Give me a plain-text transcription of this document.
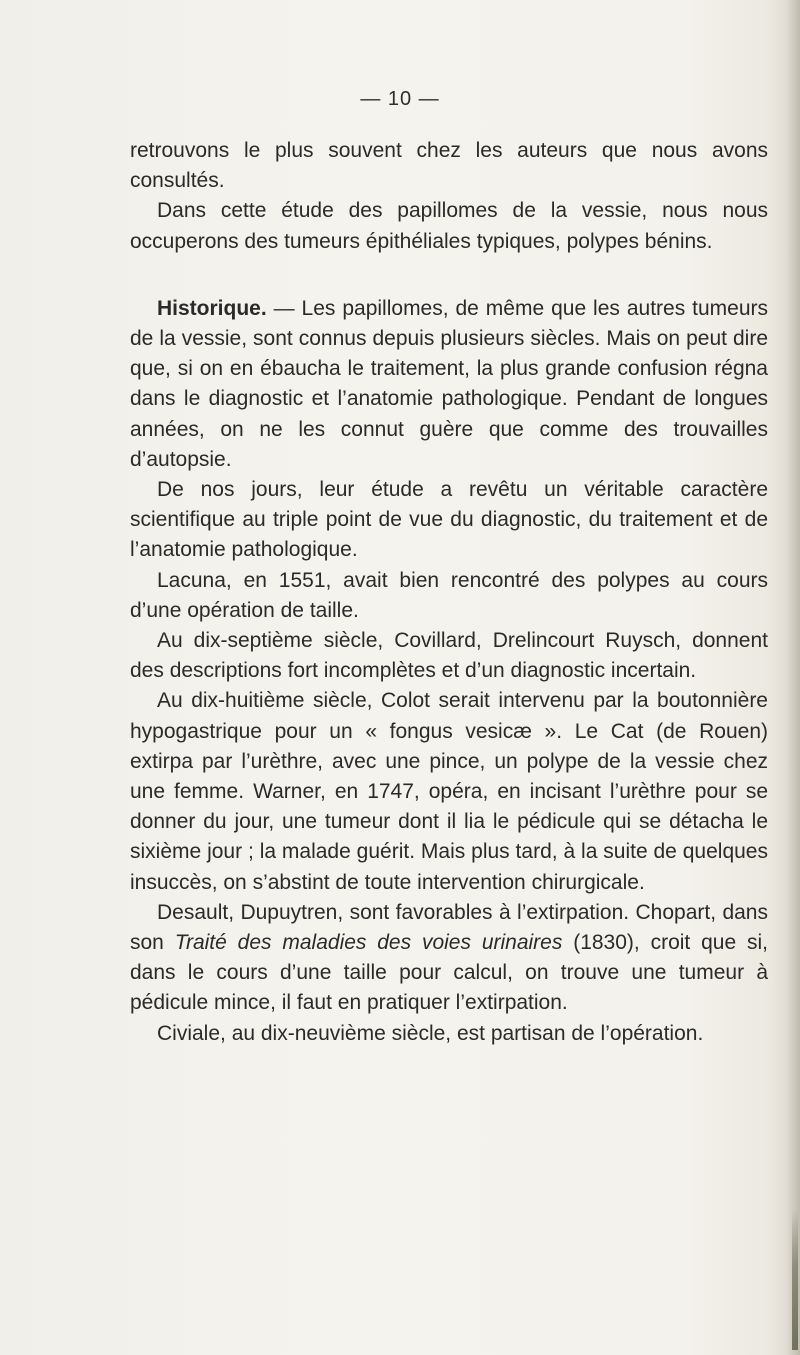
— 10 —

retrouvons le plus souvent chez les auteurs que nous avons consultés.

Dans cette étude des papillomes de la vessie, nous nous occuperons des tumeurs épithéliales typiques, polypes bénins.

Historique. — Les papillomes, de même que les autres tumeurs de la vessie, sont connus depuis plusieurs siècles. Mais on peut dire que, si on en ébaucha le traitement, la plus grande confusion régna dans le diagnostic et l’anatomie pathologique. Pendant de longues années, on ne les connut guère que comme des trouvailles d’autopsie.

De nos jours, leur étude a revêtu un véritable caractère scientifique au triple point de vue du diagnostic, du traitement et de l’anatomie pathologique.

Lacuna, en 1551, avait bien rencontré des polypes au cours d’une opération de taille.

Au dix-septième siècle, Covillard, Drelincourt Ruysch, donnent des descriptions fort incomplètes et d’un diagnostic incertain.

Au dix-huitième siècle, Colot serait intervenu par la boutonnière hypogastrique pour un « fongus vesicæ ». Le Cat (de Rouen) extirpa par l’urèthre, avec une pince, un polype de la vessie chez une femme. Warner, en 1747, opéra, en incisant l’urèthre pour se donner du jour, une tumeur dont il lia le pédicule qui se détacha le sixième jour ; la malade guérit. Mais plus tard, à la suite de quelques insuccès, on s’abstint de toute intervention chirurgicale.

Desault, Dupuytren, sont favorables à l’extirpation. Chopart, dans son Traité des maladies des voies urinaires (1830), croit que si, dans le cours d’une taille pour calcul, on trouve une tumeur à pédicule mince, il faut en pratiquer l’extirpation.

Civiale, au dix-neuvième siècle, est partisan de l’opération.
